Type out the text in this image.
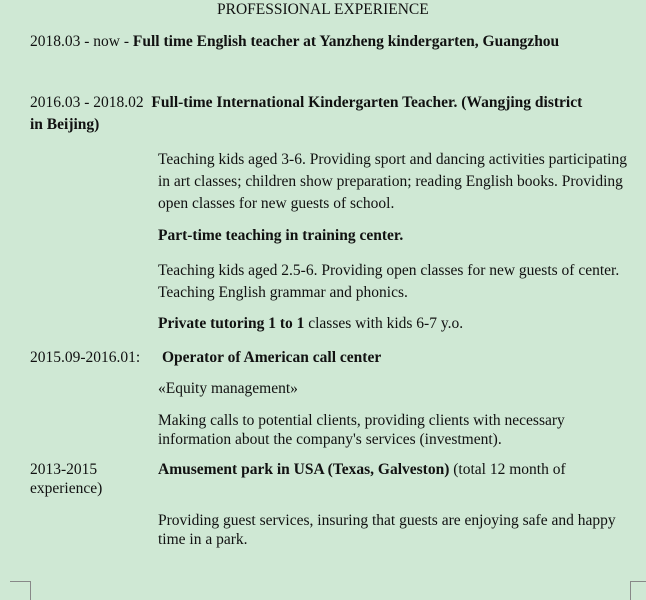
PROFESSIONAL EXPERIENCE
2018.03 - now - Full time English teacher at Yanzheng kindergarten, Guangzhou
2016.03 - 2018.02 Full-time International Kindergarten Teacher. (Wangjing district
in Beijing)
Teaching kids aged 3-6. Providing sport and dancing activities participating in art classes; children show preparation; reading English books. Providing open classes for new guests of school.
Part-time teaching in training center.
Teaching kids aged 2.5-6. Providing open classes for new guests of center. Teaching English grammar and phonics.
Private tutoring 1 to 1 classes with kids 6-7 y.o.
2015.09-2016.01: Operator of American call center
«Equity management»
Making calls to potential clients, providing clients with necessary information about the company's services (investment).
2013-2015
experience)
Amusement park in USA (Texas, Galveston) (total 12 month of
Providing guest services, insuring that guests are enjoying safe and happy time in a park.
